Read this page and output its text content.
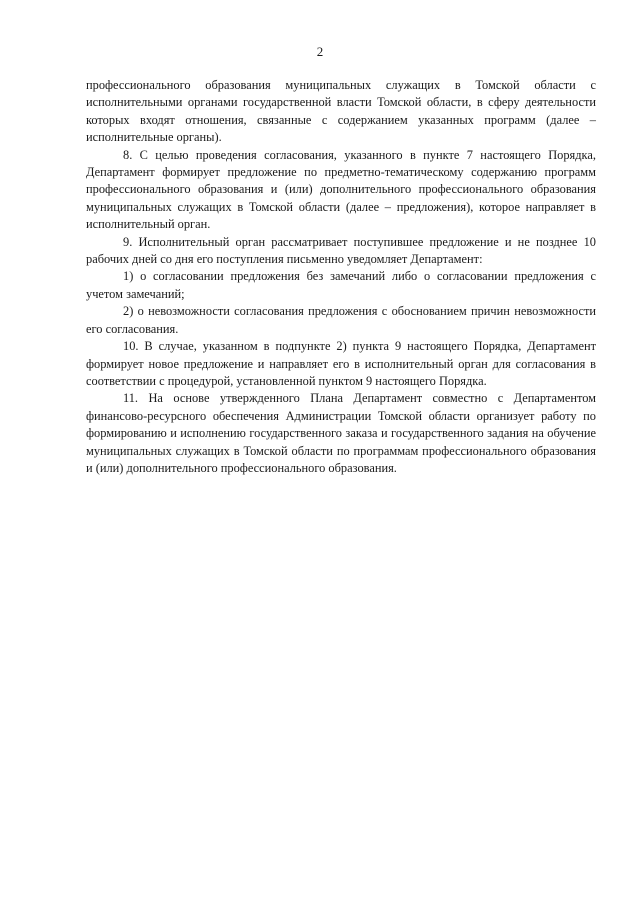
2

профессионального образования муниципальных служащих в Томской области с исполнительными органами государственной власти Томской области, в сферу деятельности которых входят отношения, связанные с содержанием указанных программ (далее – исполнительные органы).

8. С целью проведения согласования, указанного в пункте 7 настоящего Порядка, Департамент формирует предложение по предметно-тематическому содержанию программ профессионального образования и (или) дополнительного профессионального образования муниципальных служащих в Томской области (далее – предложения), которое направляет в исполнительный орган.

9. Исполнительный орган рассматривает поступившее предложение и не позднее 10 рабочих дней со дня его поступления письменно уведомляет Департамент:

1) о согласовании предложения без замечаний либо о согласовании предложения с учетом замечаний;

2) о невозможности согласования предложения с обоснованием причин невозможности его согласования.

10. В случае, указанном в подпункте 2) пункта 9 настоящего Порядка, Департамент формирует новое предложение и направляет его в исполнительный орган для согласования в соответствии с процедурой, установленной пунктом 9 настоящего Порядка.

11. На основе утвержденного Плана Департамент совместно с Департаментом финансово-ресурсного обеспечения Администрации Томской области организует работу по формированию и исполнению государственного заказа и государственного задания на обучение муниципальных служащих в Томской области по программам профессионального образования и (или) дополнительного профессионального образования.
